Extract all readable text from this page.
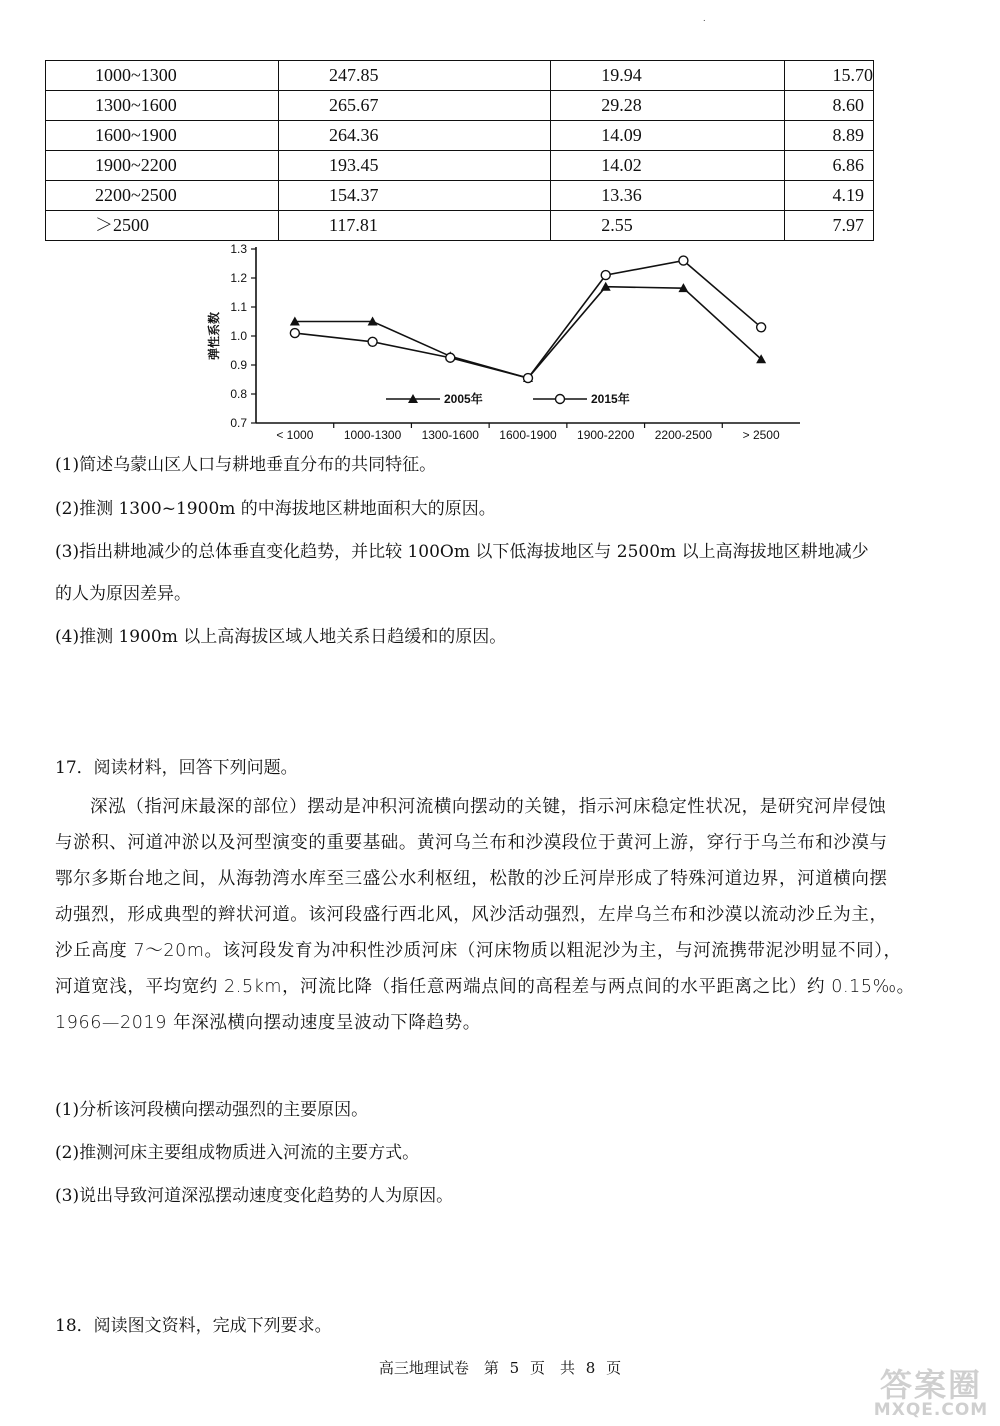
.
1000~1300	247.85	19.94	15.70
1300~1600	265.67	29.28	8.60
1600~1900	264.36	14.09	8.89
1900~2200	193.45	14.02	6.86
2200~2500	154.37	13.36	4.19
＞2500	117.81	2.55	7.97
0.7
0.8
0.9
1.0
1.1
1.2
1.3
< 1000	1000-1300 1300-1600 1600-1900 1900-2200 2200-2500	> 2500
弹性系数
2005年	2015年
(1)简述乌蒙山区人口与耕地垂直分布的共同特征。
(2)推测 1300~1900m 的中海拔地区耕地面积大的原因。
(3)指出耕地减少的总体垂直变化趋势，并比较 100Om 以下低海拔地区与 2500m 以上高海拔地区耕地减少
的人为原因差异。
(4)推测 1900m 以上高海拔区域人地关系日趋缓和的原因。
17．阅读材料，回答下列问题。
深泓（指河床最深的部位）摆动是冲积河流横向摆动的关键，指示河床稳定性状况，是研究河岸侵蚀
与淤积、河道冲淤以及河型演变的重要基础。黄河乌兰布和沙漠段位于黄河上游，穿行于乌兰布和沙漠与
鄂尔多斯台地之间，从海勃湾水库至三盛公水利枢纽，松散的沙丘河岸形成了特殊河道边界，河道横向摆
动强烈，形成典型的辫状河道。该河段盛行西北风，风沙活动强烈，左岸乌兰布和沙漠以流动沙丘为主，
沙丘高度 7～20m。该河段发育为冲积性沙质河床（河床物质以粗泥沙为主，与河流携带泥沙明显不同），
河道宽浅，平均宽约 2.5km，河流比降（指任意两端点间的高程差与两点间的水平距离之比）约 0.15‰。
1966—2019 年深泓横向摆动速度呈波动下降趋势。
(1)分析该河段横向摆动强烈的主要原因。
(2)推测河床主要组成物质进入河流的主要方式。
(3)说出导致河道深泓摆动速度变化趋势的人为原因。
18．阅读图文资料，完成下列要求。
高三地理试卷　第 5 页　共 8 页	答案圈
MXQE.COM
